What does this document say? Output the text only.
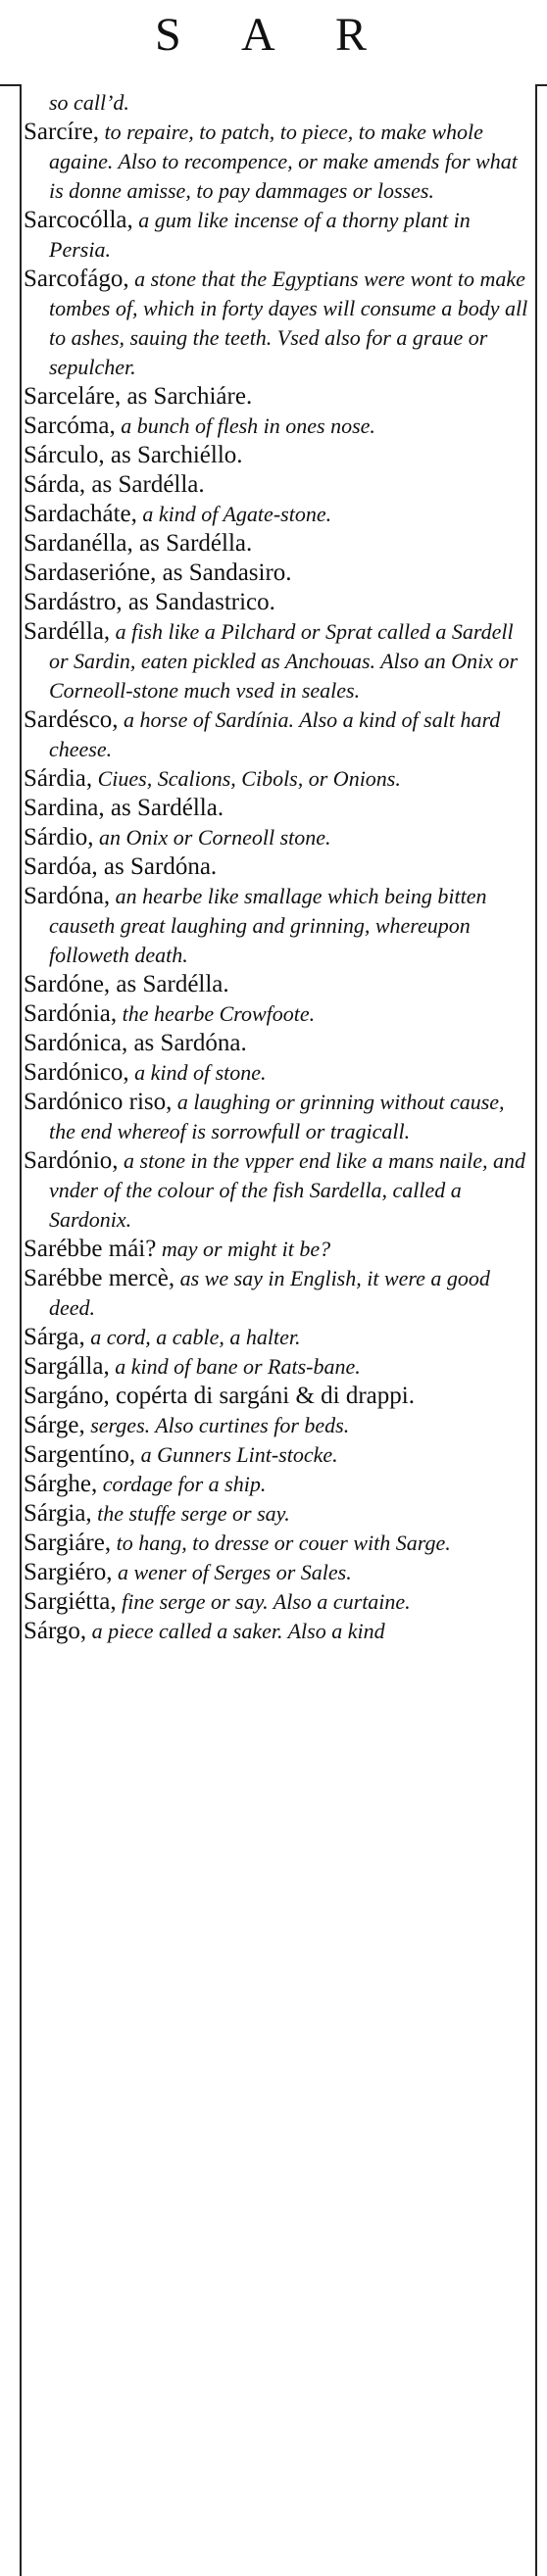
S A R

so call’d.

Sarcíre, to repaire, to patch, to piece, to make whole againe. Also to recompence, or make amends for what is donne amisse, to pay dammages or losses.

Sarcocólla, a gum like incense of a thorny plant in Persia.

Sarcofágo, a stone that the Egyptians were wont to make tombes of, which in forty dayes will consume a body all to ashes, sauing the teeth. Vsed also for a graue or sepulcher.

Sarceláre, as Sarchiáre.

Sarcóma, a bunch of flesh in ones nose.

Sárculo, as Sarchiéllo.

Sárda, as Sardélla.

Sardacháte, a kind of Agate-stone.

Sardanélla, as Sardélla.

Sardaserióne, as Sandasiro.

Sardástro, as Sandastrico.

Sardélla, a fish like a Pilchard or Sprat called a Sardell or Sardin, eaten pickled as Anchouas. Also an Onix or Corneoll-stone much vsed in seales.

Sardésco, a horse of Sardínia. Also a kind of salt hard cheese.

Sárdia, Ciues, Scalions, Cibols, or Onions.

Sardina, as Sardélla.

Sárdio, an Onix or Corneoll stone.

Sardóa, as Sardóna.

Sardóna, an hearbe like smallage which being bitten causeth great laughing and grinning, whereupon followeth death.

Sardóne, as Sardélla.

Sardónia, the hearbe Crowfoote.

Sardónica, as Sardóna.

Sardónico, a kind of stone.

Sardónico riso, a laughing or grinning without cause, the end whereof is sorrowfull or tragicall.

Sardónio, a stone in the vpper end like a mans naile, and vnder of the colour of the fish Sardella, called a Sardonix.

Sarébbe mái? may or might it be?

Sarébbe mercè, as we say in English, it were a good deed.

Sárga, a cord, a cable, a halter.

Sargálla, a kind of bane or Rats-bane.

Sargáno, copérta di sargáni & di drappi.

Sárge, serges. Also curtines for beds.

Sargentíno, a Gunners Lint-stocke.

Sárghe, cordage for a ship.

Sárgia, the stuffe serge or say.

Sargiáre, to hang, to dresse or couer with Sarge.

Sargiéro, a wener of Serges or Sales.

Sargiétta, fine serge or say. Also a curtaine.

Sárgo, a piece called a saker. Also a kind
